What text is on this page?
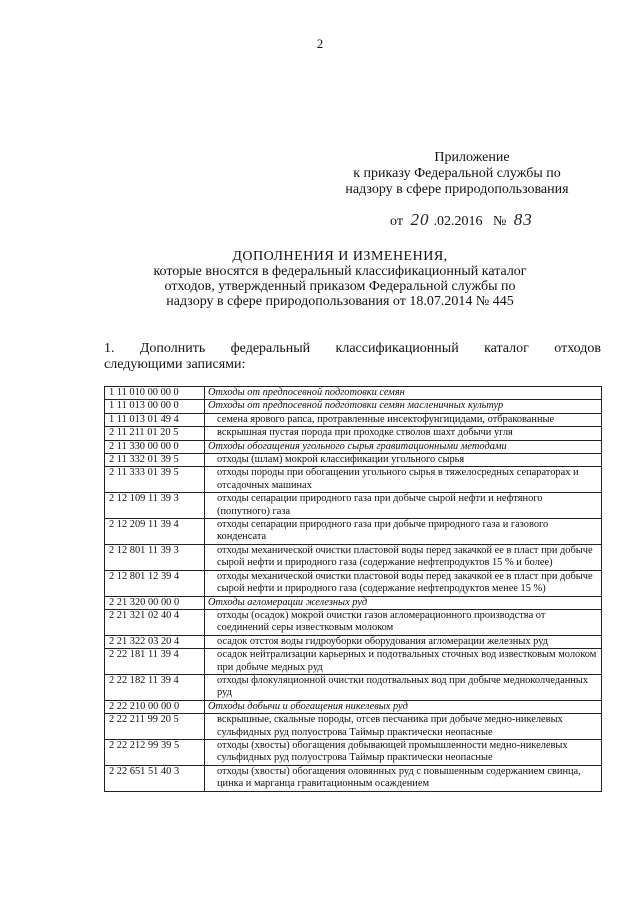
2
Приложение
к приказу Федеральной службы по
надзору в сфере природопользования
от 20 .02.2016 № 83
ДОПОЛНЕНИЯ И ИЗМЕНЕНИЯ,
которые вносятся в федеральный классификационный каталог
отходов, утвержденный приказом Федеральной службы по
надзору в сфере природопользования от 18.07.2014 № 445
1. Дополнить федеральный классификационный каталог отходов
следующими записями:
1 11 010 00 00 0	Отходы от предпосевной подготовки семян
1 11 013 00 00 0	Отходы от предпосевной подготовки семян масленичных культур
1 11 013 01 49 4	семена ярового рапса, протравленные инсектофунгицидами, отбракованные
2 11 211 01 20 5	вскрышная пустая порода при проходке стволов шахт добычи угля
2 11 330 00 00 0	Отходы обогащения угольного сырья гравитационными методами
2 11 332 01 39 5	отходы (шлам) мокрой классификации угольного сырья
2 11 333 01 39 5	отходы породы при обогащении угольного сырья в тяжелосредных сепараторах и отсадочных машинах
2 12 109 11 39 3	отходы сепарации природного газа при добыче сырой нефти и нефтяного (попутного) газа
2 12 209 11 39 4	отходы сепарации природного газа при добыче природного газа и газового конденсата
2 12 801 11 39 3	отходы механической очистки пластовой воды перед закачкой ее в пласт при добыче сырой нефти и природного газа (содержание нефтепродуктов 15 % и более)
2 12 801 12 39 4	отходы механической очистки пластовой воды перед закачкой ее в пласт при добыче сырой нефти и природного газа (содержание нефтепродуктов менее 15 %)
2 21 320 00 00 0	Отходы агломерации железных руд
2 21 321 02 40 4	отходы (осадок) мокрой очистки газов агломерационного производства от соединений серы известковым молоком
2 21 322 03 20 4	осадок отстоя воды гидроуборки оборудования агломерации железных руд
2 22 181 11 39 4	осадок нейтрализации карьерных и подотвальных сточных вод известковым молоком при добыче медных руд
2 22 182 11 39 4	отходы флокуляционной очистки подотвальных вод при добыче медноколчеданных руд
2 22 210 00 00 0	Отходы добычи и обогащения никелевых руд
2 22 211 99 20 5	вскрышные, скальные породы, отсев песчаника при добыче медно-никелевых сульфидных руд полуострова Таймыр практически неопасные
2 22 212 99 39 5	отходы (хвосты) обогащения добывающей промышленности медно-никелевых сульфидных руд полуострова Таймыр практически неопасные
2 22 651 51 40 3	отходы (хвосты) обогащения оловянных руд с повышенным содержанием свинца, цинка и марганца гравитационным осаждением
